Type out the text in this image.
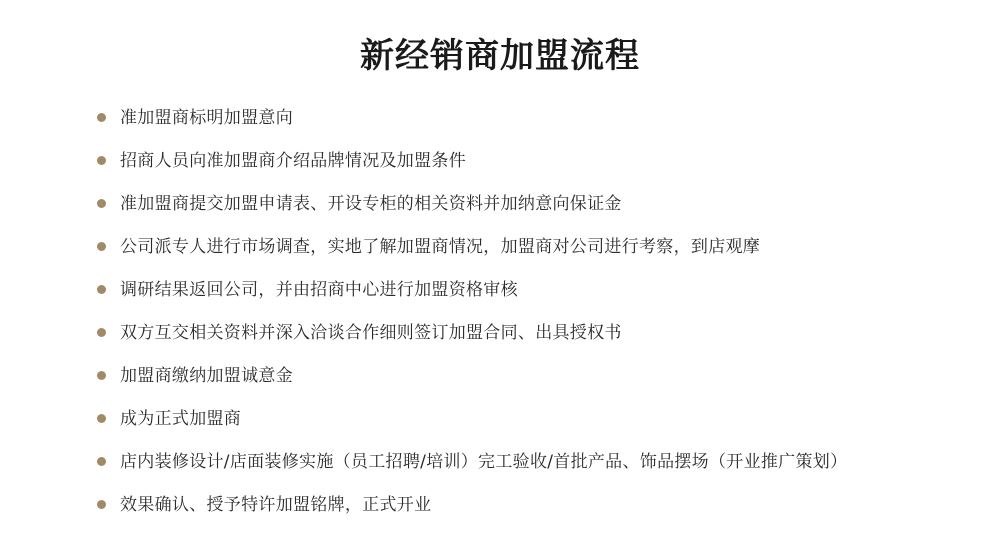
新经销商加盟流程
准加盟商标明加盟意向
招商人员向准加盟商介绍品牌情况及加盟条件
准加盟商提交加盟申请表、开设专柜的相关资料并加纳意向保证金
公司派专人进行市场调查，实地了解加盟商情况，加盟商对公司进行考察，到店观摩
调研结果返回公司，并由招商中心进行加盟资格审核
双方互交相关资料并深入洽谈合作细则签订加盟合同、出具授权书
加盟商缴纳加盟诚意金
成为正式加盟商
店内装修设计/店面装修实施（员工招聘/培训）完工验收/首批产品、饰品摆场（开业推广策划）
效果确认、授予特许加盟铭牌，正式开业
